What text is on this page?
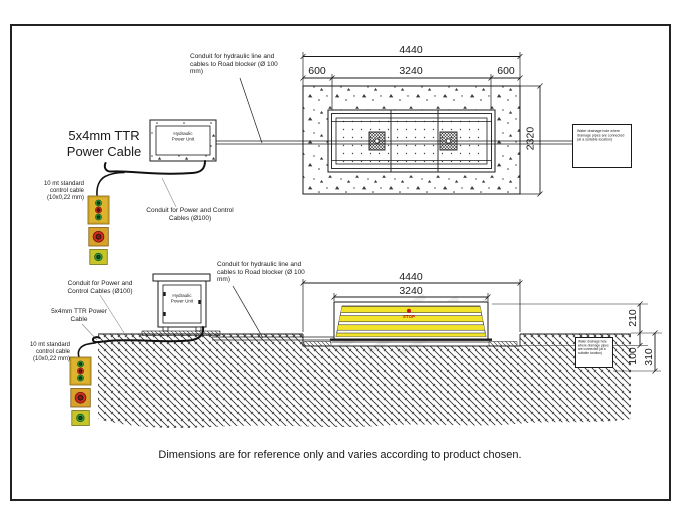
Conduit for hydraulic line and cables to Road blocker (Ø 100 mm)
5x4mm TTR Power Cable
10 mt standard control cable (10x0,22 mm)
Conduit for Power and Control Cables (Ø100)
Hydraulic Power Unit
Water drainage hole where drainage pipes are connected (at a suitable location)
4440
600	3240	600
2320
Conduit for hydraulic line and cables to Road blocker (Ø 100 mm)
Conduit for Power and Control Cables (Ø100)
5x4mm TTR Power Cable
10 mt standard control cable (10x0,22 mm)
Hydraulic Power Unit
Water drainage hole where drainage pipes are connected (at a suitable location)
STOP
4440
3240
210
100 310
Dimensions are for reference only and varies according to product chosen.
